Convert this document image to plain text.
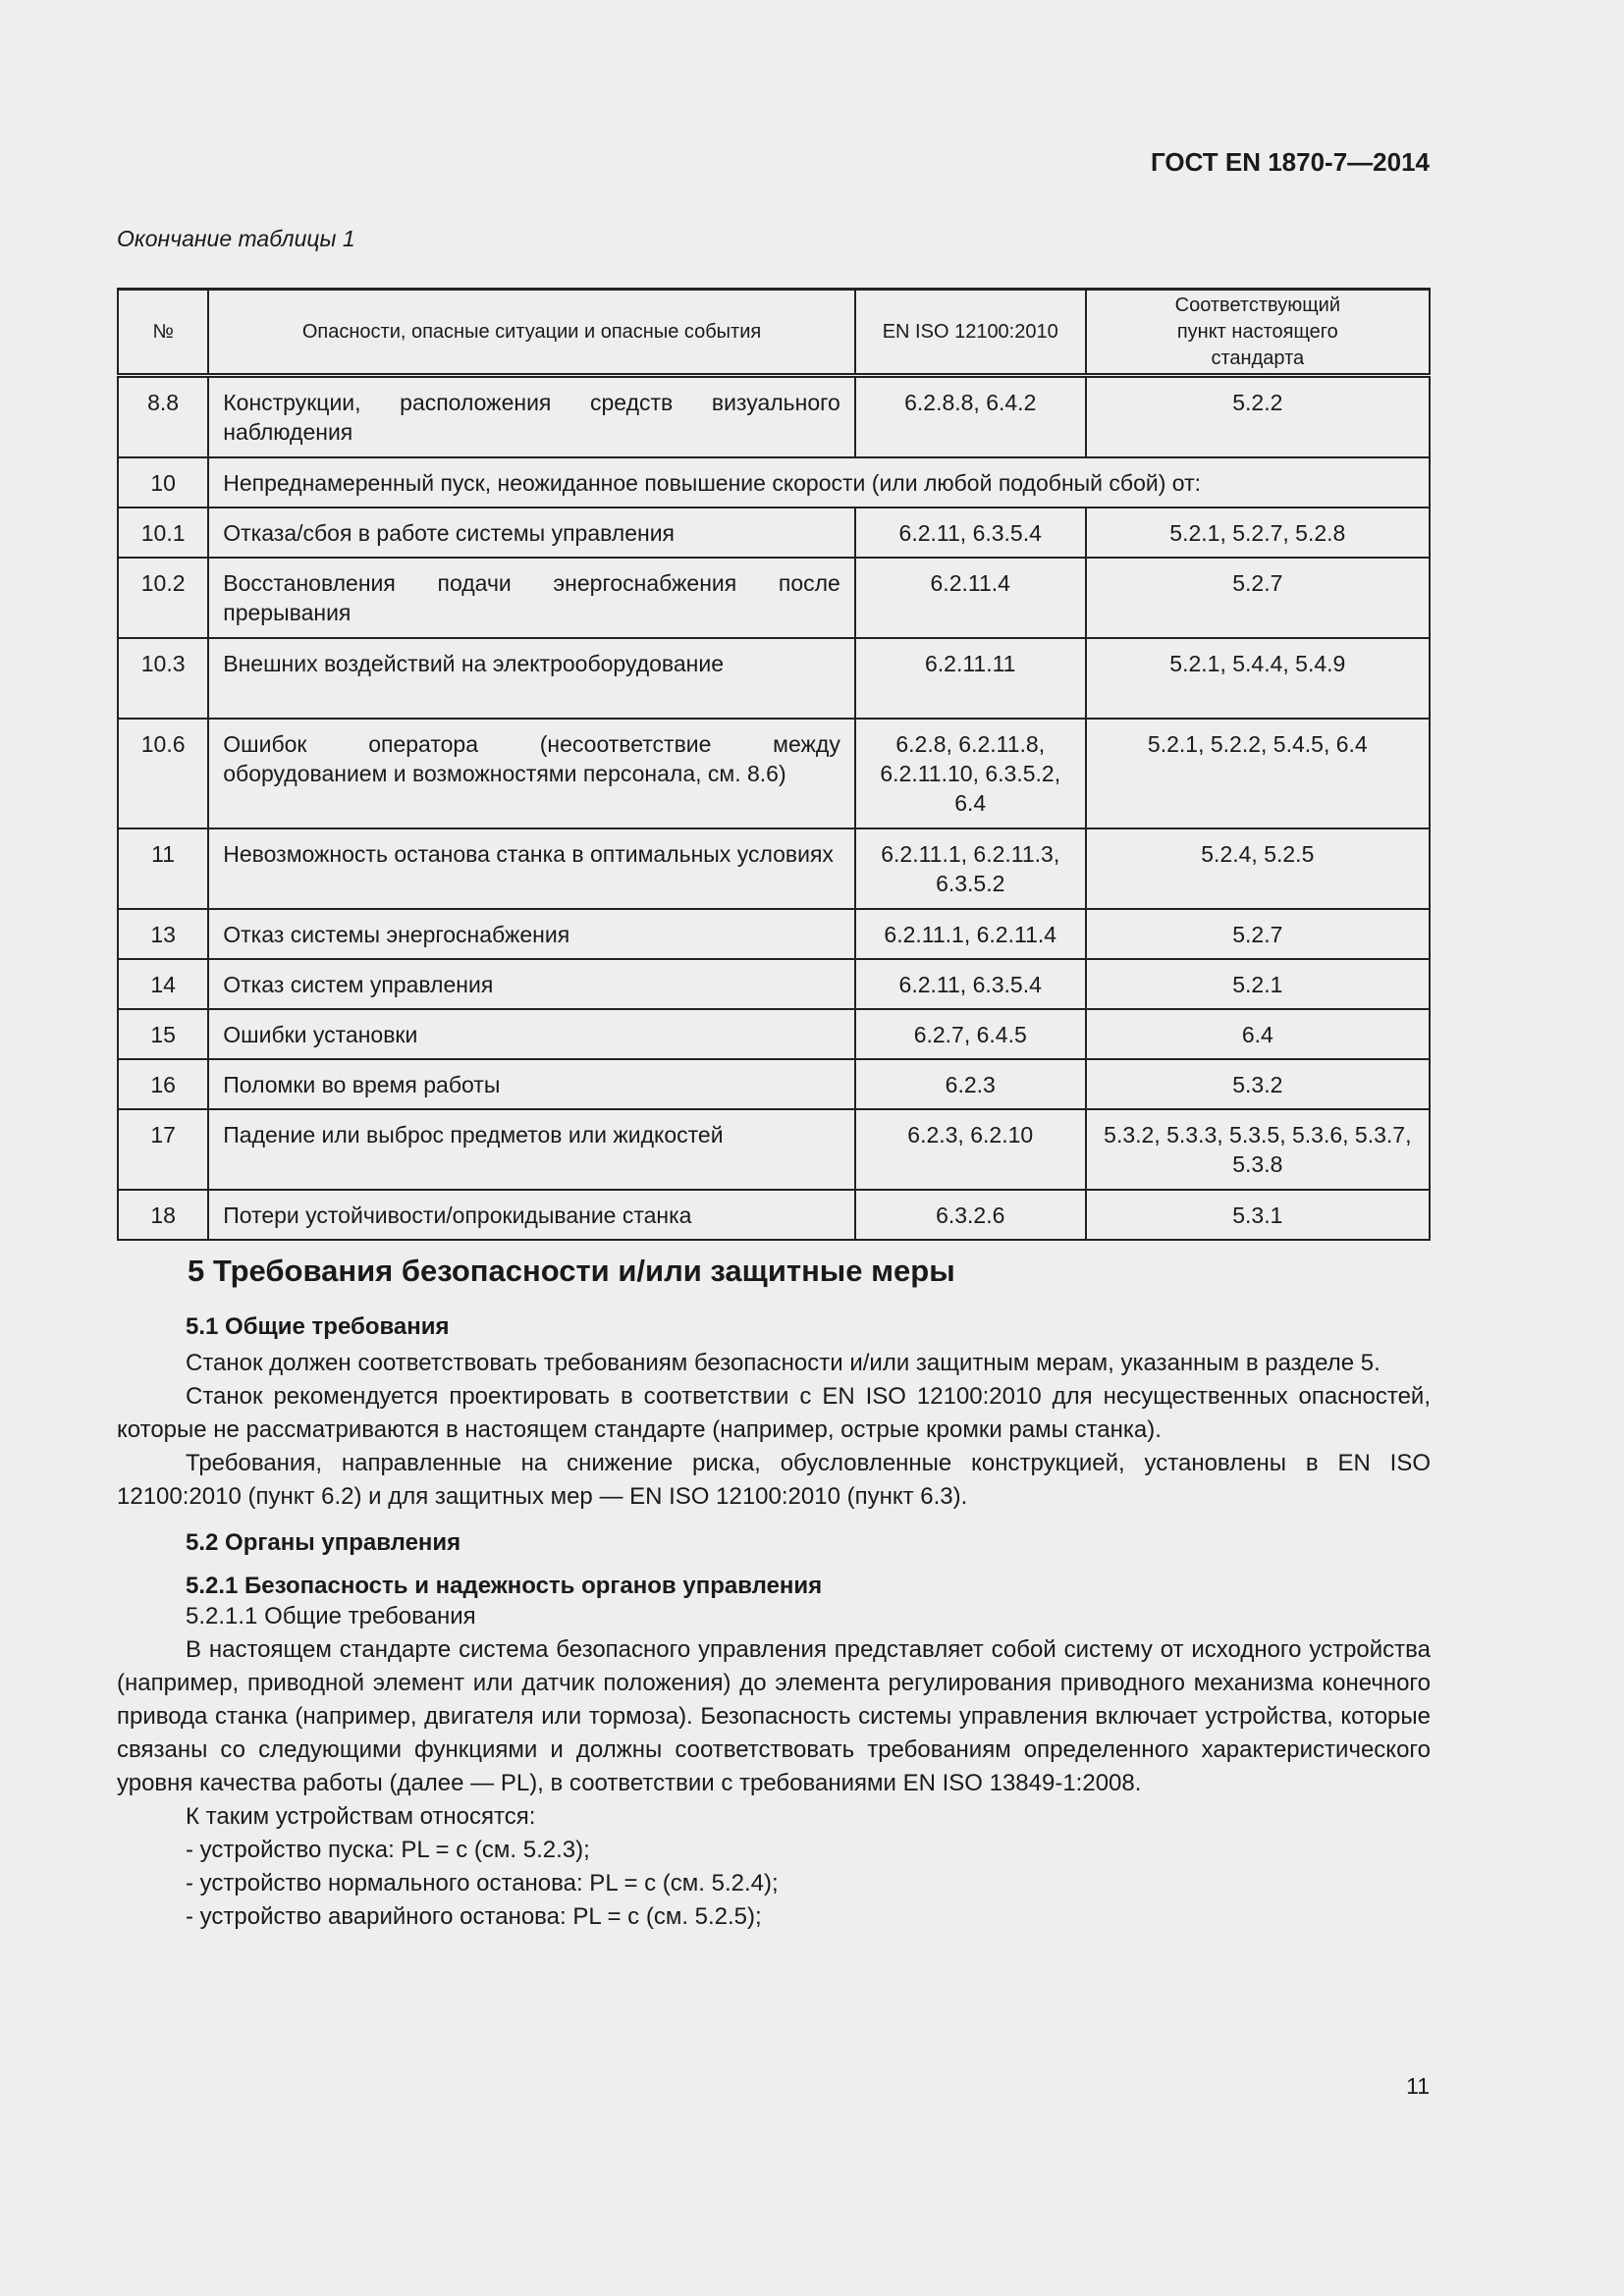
ГОСТ EN 1870-7—2014
Окончание таблицы 1
№	Опасности, опасные ситуации и опасные события	EN ISO 12100:2010	Соответствующий пункт настоящего стандарта
8.8	Конструкции, расположения средств визуального наблюдения	6.2.8.8, 6.4.2	5.2.2
10	Непреднамеренный пуск, неожиданное повышение скорости (или любой подобный сбой) от:		
10.1	Отказа/сбоя в работе системы управления	6.2.11, 6.3.5.4	5.2.1, 5.2.7, 5.2.8
10.2	Восстановления подачи энергоснабжения после прерывания	6.2.11.4	5.2.7
10.3	Внешних воздействий на электрооборудование	6.2.11.11	5.2.1, 5.4.4, 5.4.9
10.6	Ошибок оператора (несоответствие между оборудованием и возможностями персонала, см. 8.6)	6.2.8, 6.2.11.8, 6.2.11.10, 6.3.5.2, 6.4	5.2.1, 5.2.2, 5.4.5, 6.4
11	Невозможность останова станка в оптимальных условиях	6.2.11.1, 6.2.11.3, 6.3.5.2	5.2.4, 5.2.5
13	Отказ системы энергоснабжения	6.2.11.1, 6.2.11.4	5.2.7
14	Отказ систем управления	6.2.11, 6.3.5.4	5.2.1
15	Ошибки установки	6.2.7, 6.4.5	6.4
16	Поломки во время работы	6.2.3	5.3.2
17	Падение или выброс предметов или жидкостей	6.2.3, 6.2.10	5.3.2, 5.3.3, 5.3.5, 5.3.6, 5.3.7, 5.3.8
18	Потери устойчивости/опрокидывание станка	6.3.2.6	5.3.1
5 Требования безопасности и/или защитные меры
5.1 Общие требования

Станок должен соответствовать требованиям безопасности и/или защитным мерам, указанным в разделе 5.

Станок рекомендуется проектировать в соответствии с EN ISO 12100:2010 для несущественных опасностей, которые не рассматриваются в настоящем стандарте (например, острые кромки рамы станка).

Требования, направленные на снижение риска, обусловленные конструкцией, установлены в EN ISO 12100:2010 (пункт 6.2) и для защитных мер — EN ISO 12100:2010 (пункт 6.3).

5.2 Органы управления
5.2.1 Безопасность и надежность органов управления

5.2.1.1 Общие требования

В настоящем стандарте система безопасного управления представляет собой систему от исходного устройства (например, приводной элемент или датчик положения) до элемента регулирования приводного механизма конечного привода станка (например, двигателя или тормоза). Безопасность системы управления включает устройства, которые связаны со следующими функциями и должны соответствовать требованиям определенного характеристического уровня качества работы (далее — PL), в соответствии с требованиями EN ISO 13849-1:2008.

К таким устройствам относятся:

- устройство пуска: PL = c (см. 5.2.3);
- устройство нормального останова: PL = c (см. 5.2.4);
- устройство аварийного останова: PL = c (см. 5.2.5);
11
